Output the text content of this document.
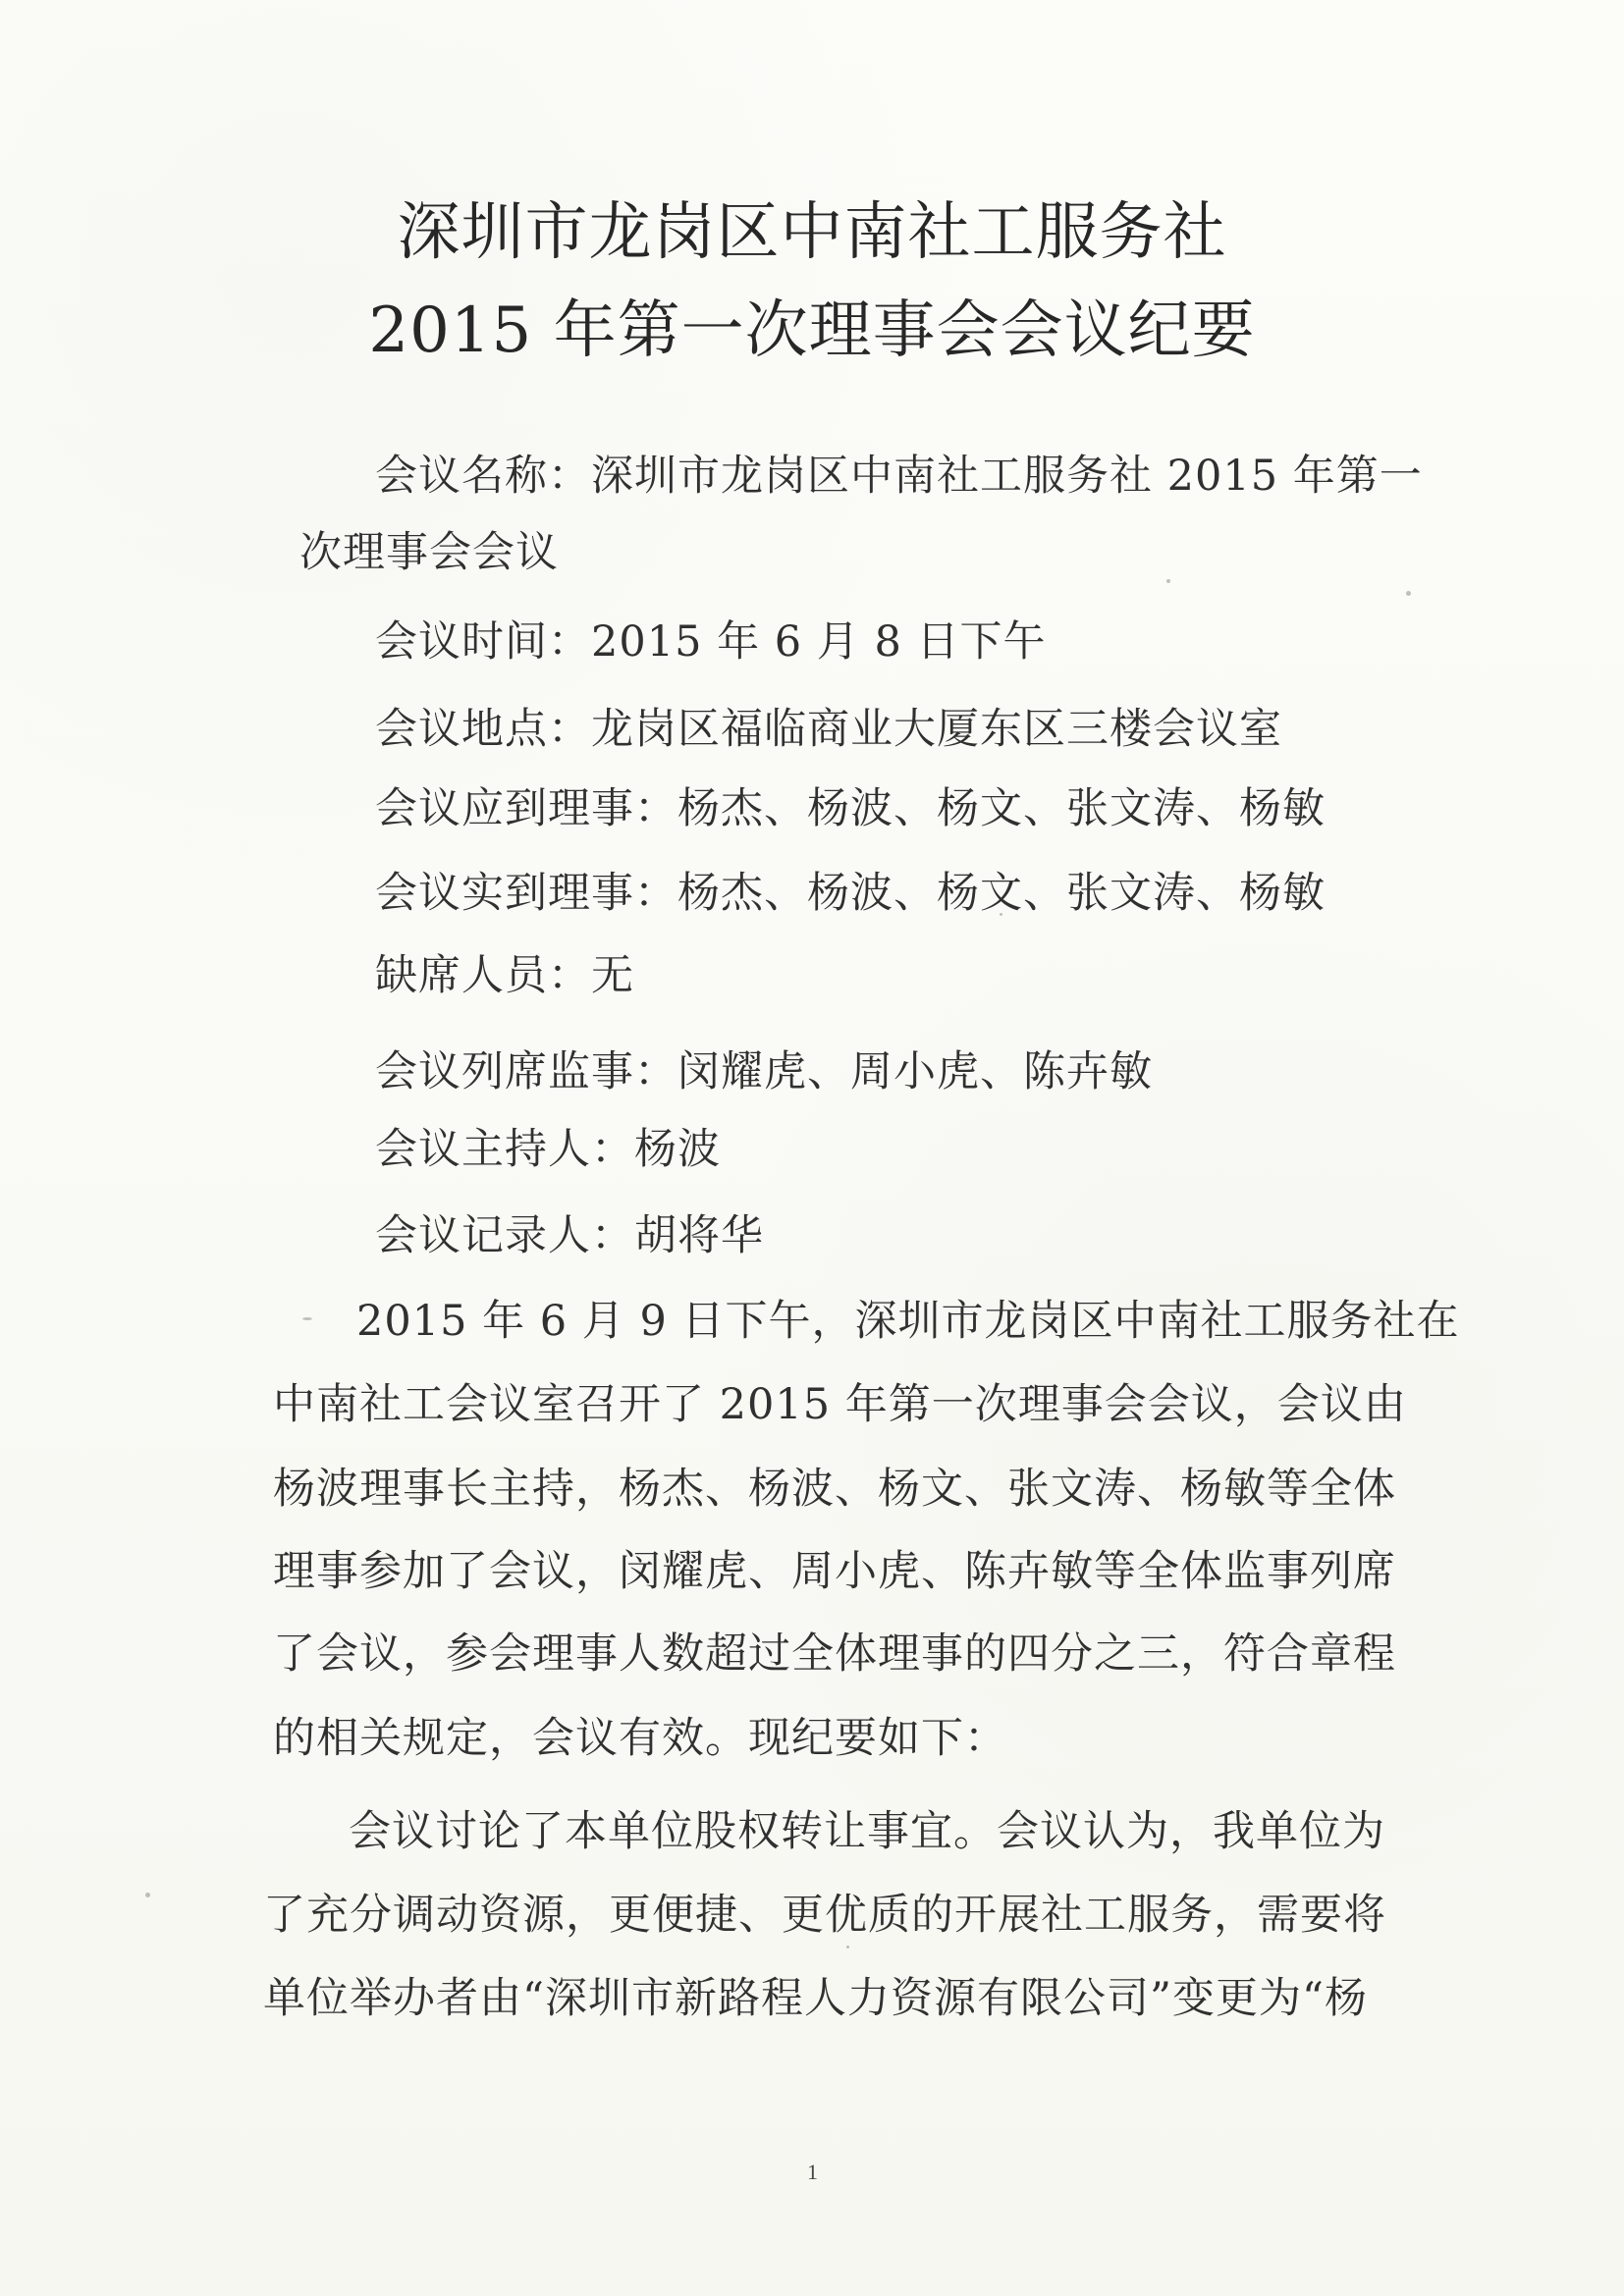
深圳市龙岗区中南社工服务社
2015 年第一次理事会会议纪要
会议名称：深圳市龙岗区中南社工服务社 2015 年第一
次理事会会议
会议时间：2015 年 6 月 8 日下午
会议地点：龙岗区福临商业大厦东区三楼会议室
会议应到理事：杨杰、杨波、杨文、张文涛、杨敏
会议实到理事：杨杰、杨波、杨文、张文涛、杨敏
缺席人员：无
会议列席监事：闵耀虎、周小虎、陈卉敏
会议主持人：杨波
会议记录人：胡将华
2015 年 6 月 9 日下午，深圳市龙岗区中南社工服务社在
中南社工会议室召开了 2015 年第一次理事会会议，会议由
杨波理事长主持，杨杰、杨波、杨文、张文涛、杨敏等全体
理事参加了会议，闵耀虎、周小虎、陈卉敏等全体监事列席
了会议，参会理事人数超过全体理事的四分之三，符合章程
的相关规定，会议有效。现纪要如下：
会议讨论了本单位股权转让事宜。会议认为，我单位为
了充分调动资源，更便捷、更优质的开展社工服务，需要将
单位举办者由“深圳市新路程人力资源有限公司”变更为“杨
1
